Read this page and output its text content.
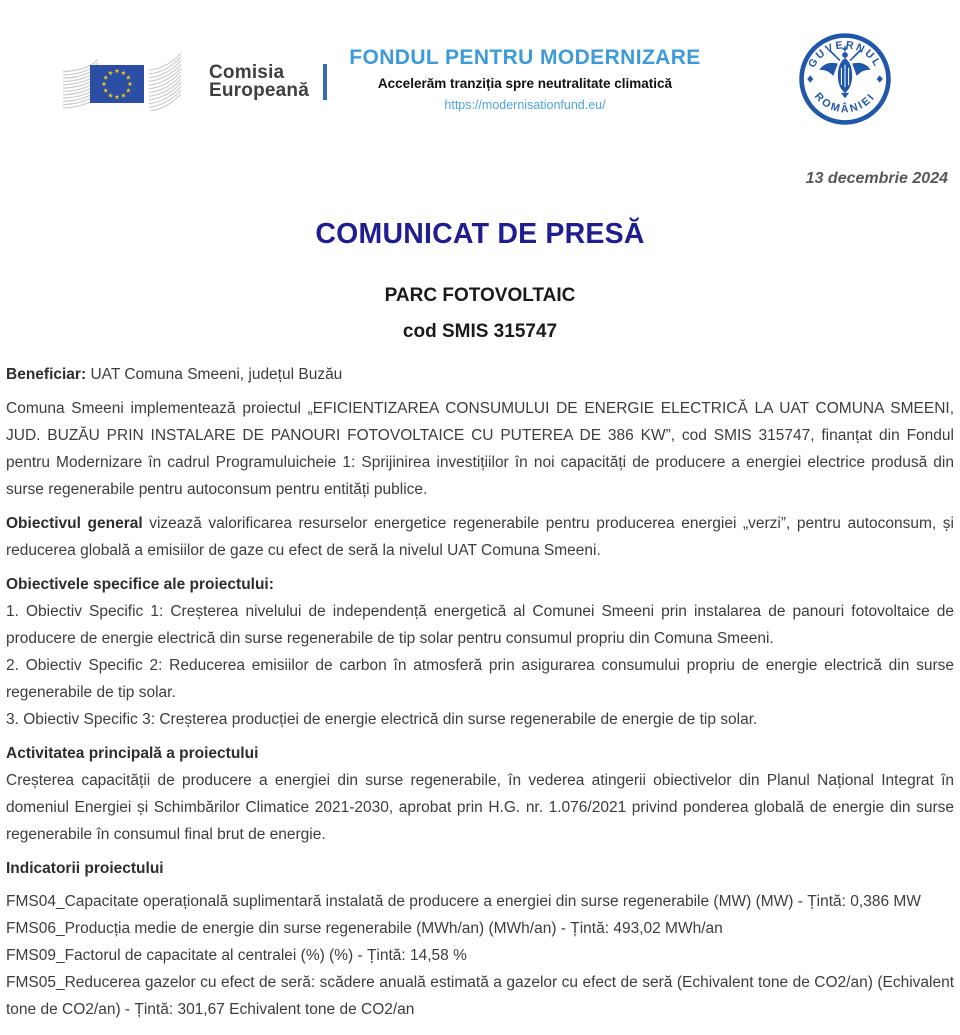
★ ★
★
★
★
★
★
★
★
★
★
★	Comisia
Europeană
FONDUL PENTRU MODERNIZARE
Accelerăm tranziția spre neutralitate climatică
https://modernisationfund.eu/
GUVERNUL
ROMÂNIEI
13 decembrie 2024
COMUNICAT DE PRESĂ
PARC FOTOVOLTAIC
cod SMIS 315747

Beneficiar: UAT Comuna Smeeni, județul Buzău

Comuna Smeeni implementează proiectul „EFICIENTIZAREA CONSUMULUI DE ENERGIE ELECTRICĂ LA UAT COMUNA SMEENI, JUD. BUZĂU PRIN INSTALARE DE PANOURI FOTOVOLTAICE CU PUTEREA DE 386 KW”, cod SMIS 315747, finanțat din Fondul pentru Modernizare în cadrul Programuluicheie 1: Sprijinirea investițiilor în noi capacități de producere a energiei electrice produsă din surse regenerabile pentru autoconsum pentru entități publice.

Obiectivul general vizează valorificarea resurselor energetice regenerabile pentru producerea energiei „verzi”, pentru autoconsum, și reducerea globală a emisiilor de gaze cu efect de seră la nivelul UAT Comuna Smeeni.

Obiectivele specifice ale proiectului:

1. Obiectiv Specific 1: Creșterea nivelului de independență energetică al Comunei Smeeni prin instalarea de panouri fotovoltaice de producere de energie electrică din surse regenerabile de tip solar pentru consumul propriu din Comuna Smeeni.

2. Obiectiv Specific 2: Reducerea emisiilor de carbon în atmosferă prin asigurarea consumului propriu de energie electrică din surse regenerabile de tip solar.

3. Obiectiv Specific 3: Creșterea producției de energie electrică din surse regenerabile de energie de tip solar.

Activitatea principală a proiectului

Creșterea capacității de producere a energiei din surse regenerabile, în vederea atingerii obiectivelor din Planul Național Integrat în domeniul Energiei și Schimbărilor Climatice 2021-2030, aprobat prin H.G. nr. 1.076/2021 privind ponderea globală de energie din surse regenerabile în consumul final brut de energie.

Indicatorii proiectului

FMS04_Capacitate operațională suplimentară instalată de producere a energiei din surse regenerabile (MW) (MW) - Țintă: 0,386 MW

FMS06_Producția medie de energie din surse regenerabile (MWh/an) (MWh/an) - Țintă: 493,02 MWh/an

FMS09_Factorul de capacitate al centralei (%) (%) - Țintă: 14,58 %

FMS05_Reducerea gazelor cu efect de seră: scădere anuală estimată a gazelor cu efect de seră (Echivalent tone de CO2/an) (Echivalent tone de CO2/an) - Țintă: 301,67 Echivalent tone de CO2/an
